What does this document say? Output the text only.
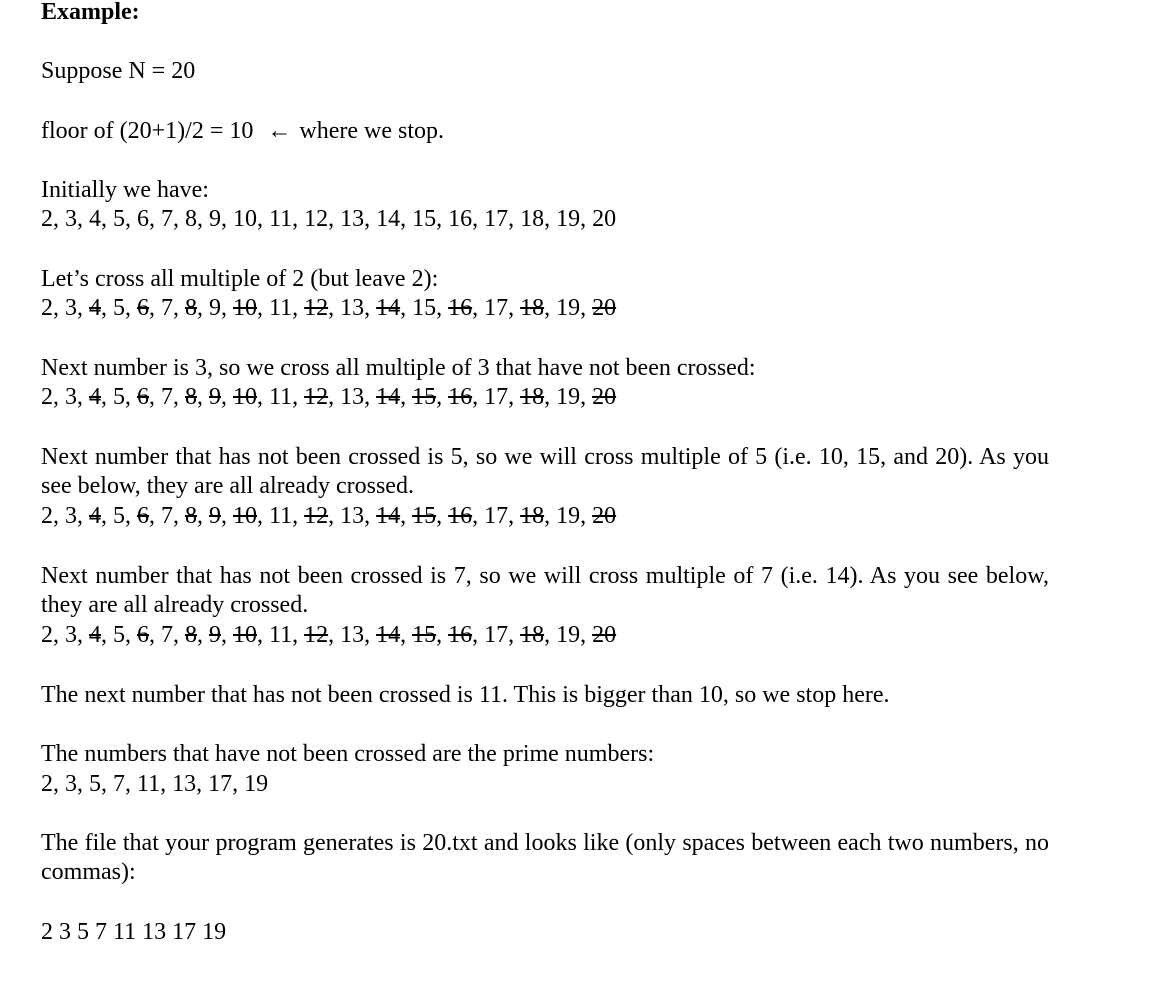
Example:
Suppose N = 20
floor of (20+1)/2 = 10 ← where we stop.
Initially we have:
2, 3, 4, 5, 6, 7, 8, 9, 10, 11, 12, 13, 14, 15, 16, 17, 18, 19, 20
Let’s cross all multiple of 2 (but leave 2):
2, 3, 4, 5, 6, 7, 8, 9, 10, 11, 12, 13, 14, 15, 16, 17, 18, 19, 20
Next number is 3, so we cross all multiple of 3 that have not been crossed:
2, 3, 4, 5, 6, 7, 8, 9, 10, 11, 12, 13, 14, 15, 16, 17, 18, 19, 20
Next number that has not been crossed is 5, so we will cross multiple of 5 (i.e. 10, 15, and 20). As you see below, they are all already crossed.
2, 3, 4, 5, 6, 7, 8, 9, 10, 11, 12, 13, 14, 15, 16, 17, 18, 19, 20
Next number that has not been crossed is 7, so we will cross multiple of 7 (i.e. 14). As you see below, they are all already crossed.
2, 3, 4, 5, 6, 7, 8, 9, 10, 11, 12, 13, 14, 15, 16, 17, 18, 19, 20
The next number that has not been crossed is 11. This is bigger than 10, so we stop here.
The numbers that have not been crossed are the prime numbers:
2, 3, 5, 7, 11, 13, 17, 19
The file that your program generates is 20.txt and looks like (only spaces between each two numbers, no commas):
2 3 5 7 11 13 17 19
